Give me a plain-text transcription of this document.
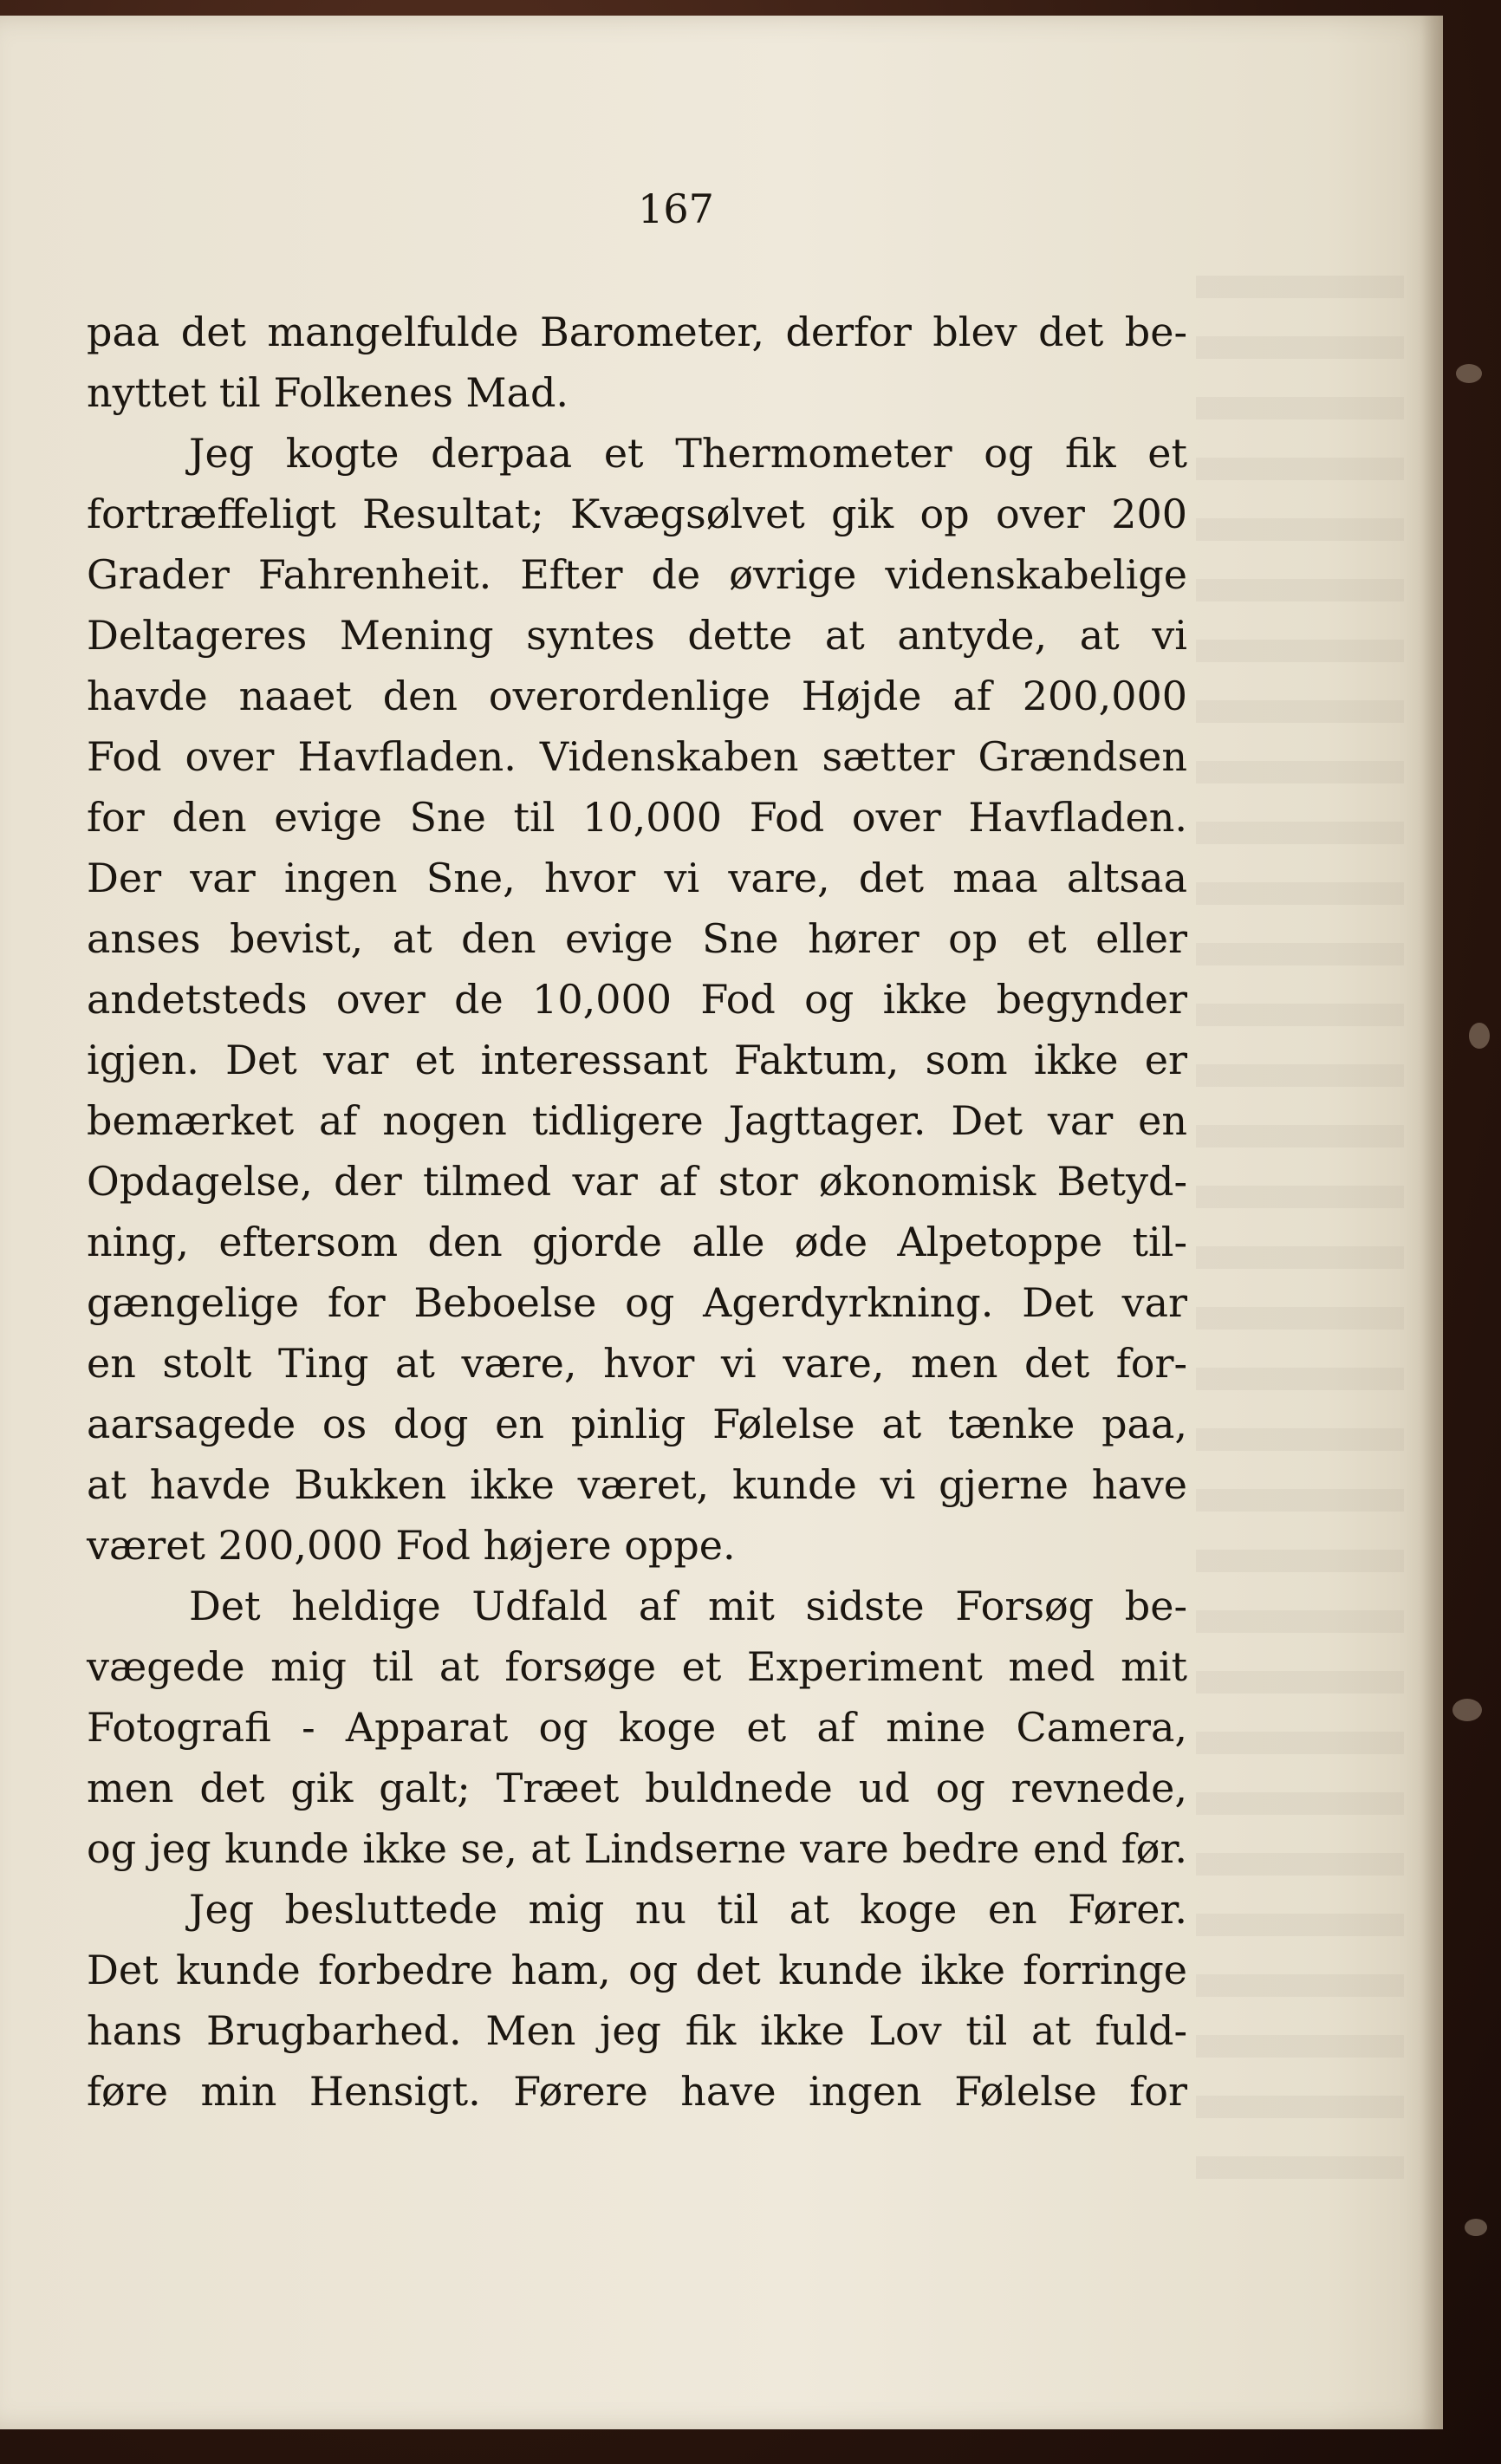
167
paa det mangelfulde Barometer, derfor blev det be-
nyttet til Folkenes Mad.
Jeg kogte derpaa et Thermometer og fik et
fortræffeligt Resultat; Kvægsølvet gik op over 200
Grader Fahrenheit. Efter de øvrige videnskabelige
Deltageres Mening syntes dette at antyde, at vi
havde naaet den overordenlige Højde af 200,000
Fod over Havfladen. Videnskaben sætter Grændsen
for den evige Sne til 10,000 Fod over Havfladen.
Der var ingen Sne, hvor vi vare, det maa altsaa
anses bevist, at den evige Sne hører op et eller
andetsteds over de 10,000 Fod og ikke begynder
igjen. Det var et interessant Faktum, som ikke er
bemærket af nogen tidligere Jagttager. Det var en
Opdagelse, der tilmed var af stor økonomisk Betyd-
ning, eftersom den gjorde alle øde Alpetoppe til-
gængelige for Beboelse og Agerdyrkning. Det var
en stolt Ting at være, hvor vi vare, men det for-
aarsagede os dog en pinlig Følelse at tænke paa,
at havde Bukken ikke været, kunde vi gjerne have
været 200,000 Fod højere oppe.
Det heldige Udfald af mit sidste Forsøg be-
vægede mig til at forsøge et Experiment med mit
Fotografi - Apparat og koge et af mine Camera,
men det gik galt; Træet buldnede ud og revnede,
og jeg kunde ikke se, at Lindserne vare bedre end før.
Jeg besluttede mig nu til at koge en Fører.
Det kunde forbedre ham, og det kunde ikke forringe
hans Brugbarhed. Men jeg fik ikke Lov til at fuld-
føre min Hensigt. Førere have ingen Følelse for
